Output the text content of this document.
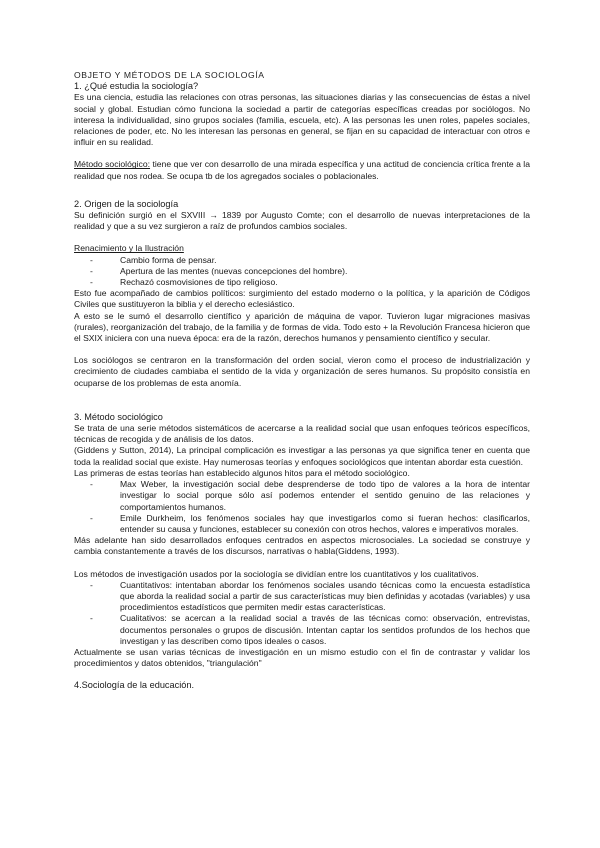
OBJETO Y MÉTODOS DE LA SOCIOLOGÍA

1. ¿Qué estudia la sociología?

Es una ciencia, estudia las relaciones con otras personas, las situaciones diarias y las consecuencias de éstas a nivel social y global. Estudian cómo funciona la sociedad a partir de categorías específicas creadas por sociólogos. No interesa la individualidad, sino grupos sociales (familia, escuela, etc). A las personas les unen roles, papeles sociales, relaciones de poder, etc. No les interesan las personas en general, se fijan en su capacidad de interactuar con otros e influir en su realidad.

Método sociológico: tiene que ver con desarrollo de una mirada específica y una actitud de conciencia crítica frente a la realidad que nos rodea. Se ocupa tb de los agregados sociales o poblacionales.

2. Origen de la sociología

Su definición surgió en el SXVIII → 1839 por Augusto Comte; con el desarrollo de nuevas interpretaciones de la realidad y que a su vez surgieron a raíz de profundos cambios sociales.

Renacimiento y la Ilustración

- Cambio forma de pensar.
- Apertura de las mentes (nuevas concepciones del hombre).
- Rechazó cosmovisiones de tipo religioso.

Esto fue acompañado de cambios políticos: surgimiento del estado moderno o la política, y la aparición de Códigos Civiles que sustituyeron la biblia y el derecho eclesiástico.

A esto se le sumó el desarrollo científico y aparición de máquina de vapor. Tuvieron lugar migraciones masivas (rurales), reorganización del trabajo, de la familia y de formas de vida. Todo esto + la Revolución Francesa hicieron que el SXIX iniciera con una nueva época: era de la razón, derechos humanos y pensamiento científico y secular.

Los sociólogos se centraron en la transformación del orden social, vieron como el proceso de industrialización y crecimiento de ciudades cambiaba el sentido de la vida y organización de seres humanos. Su propósito consistía en ocuparse de los problemas de esta anomía.

3. Método sociológico

Se trata de una serie métodos sistemáticos de acercarse a la realidad social que usan enfoques teóricos específicos, técnicas de recogida y de análisis de los datos.

(Giddens y Sutton, 2014), La principal complicación es investigar a las personas ya que significa tener en cuenta que toda la realidad social que existe. Hay numerosas teorías y enfoques sociológicos que intentan abordar esta cuestión.

Las primeras de estas teorías han establecido algunos hitos para el método sociológico.

- Max Weber, la investigación social debe desprenderse de todo tipo de valores a la hora de intentar investigar lo social porque sólo así podemos entender el sentido genuino de las relaciones y comportamientos humanos.
- Emile Durkheim, los fenómenos sociales hay que investigarlos como si fueran hechos: clasificarlos, entender su causa y funciones, establecer su conexión con otros hechos, valores e imperativos morales.

Más adelante han sido desarrollados enfoques centrados en aspectos microsociales. La sociedad se construye y cambia constantemente a través de los discursos, narrativas o habla(Giddens, 1993).

Los métodos de investigación usados por la sociología se dividían entre los cuantitativos y los cualitativos.

- Cuantitativos: intentaban abordar los fenómenos sociales usando técnicas como la encuesta estadística que aborda la realidad social a partir de sus características muy bien definidas y acotadas (variables) y usa procedimientos estadísticos que permiten medir estas características.
- Cualitativos: se acercan a la realidad social a través de las técnicas como: observación, entrevistas, documentos personales o grupos de discusión. Intentan captar los sentidos profundos de los hechos que investigan y las describen como tipos ideales o casos.

Actualmente se usan varias técnicas de investigación en un mismo estudio con el fin de contrastar y validar los procedimientos y datos obtenidos, "triangulación"

4.Sociología de la educación.
